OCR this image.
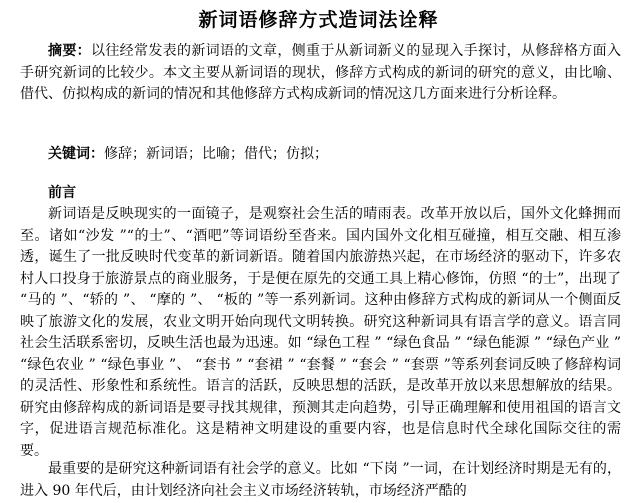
新词语修辞方式造词法诠释

摘要：以往经常发表的新词语的文章，侧重于从新词新义的显现入手探讨，从修辞格方面入手研究新词的比较少。本文主要从新词语的现状，修辞方式构成的新词的研究的意义，由比喻、借代、仿拟构成的新词的情况和其他修辞方式构成新词的情况这几方面来进行分析诠释。

关键词：修辞；新词语；比喻；借代；仿拟；

前言

新词语是反映现实的一面镜子，是观察社会生活的晴雨表。改革开放以后，国外文化蜂拥而至。诸如“沙发 ”“的士”、“酒吧”等词语纷至沓来。国内国外文化相互碰撞，相互交融、相互渗透，诞生了一批反映时代变革的新词新语。随着国内旅游热兴起，在市场经济的驱动下，许多农村人口投身于旅游景点的商业服务，于是便在原先的交通工具上精心修饰，仿照 “的士”，出现了 “马的 ”、“轿的 ”、 “摩的 ”、 “板的 ”等一系列新词。这种由修辞方式构成的新词从一个侧面反映了旅游文化的发展，农业文明开始向现代文明转换。研究这种新词具有语言学的意义。语言同社会生活联系密切，反映生活也最为迅速。如 “绿色工程 ” “绿色食品 ” “绿色能源 ” “绿色产业 ” “绿色农业 ” “绿色事业 ”、 “套书 ” “套裙 ” “套餐 ” “套会 ” “套票 ”等系列套词反映了修辞构词的灵活性、形象性和系统性。语言的活跃，反映思想的活跃，是改革开放以来思想解放的结果。研究由修辞构成的新词语是要寻找其规律，预测其走向趋势，引导正确理解和使用祖国的语言文字，促进语言规范标准化。这是精神文明建设的重要内容，也是信息时代全球化国际交往的需要。

最重要的是研究这种新词语有社会学的意义。比如 “下岗 ”一词，在计划经济时期是无有的，进入 90 年代后，由计划经济向社会主义市场经济转轨，市场经济严酷的
